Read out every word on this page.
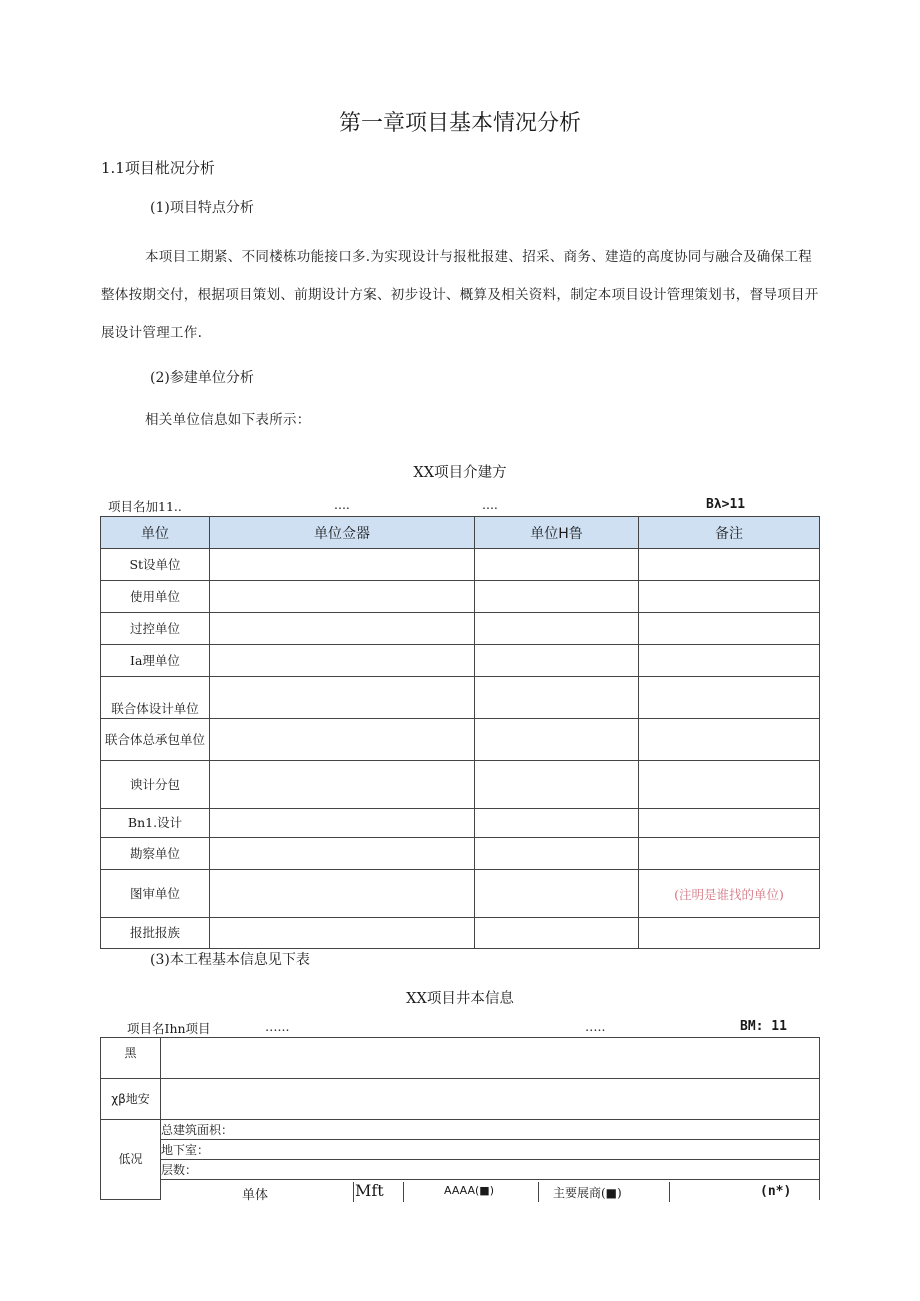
第一章项目基本情况分析
1.1项目枇况分析
(1)项目特点分析
本项目工期紧、不同楼栋功能接口多.为实现设计与报枇报建、招采、商务、建造的高度协同与融合及确保工程整体按期交付，根据项目策划、前期设计方案、初步设计、概算及相关资料，制定本项目设计管理策划书，督导项目开展设计管理工作.
(2)参建单位分析
相关单位信息如下表所示：
XX项目介建方
项目名加11..	....	....	Bλ>11
单位	单位佥器	单位H鲁	备注
St设单位			
使用单位			
过控单位			
Ia理单位			
联合体设计单位			
联合体总承包单位			
谀计分包			
Bn1.设计			
勘察单位			
图审单位			(注明是谁找的单位)
报批报族			
(3)本工程基本信息见下表
XX项目井本信息
项目名Ihn项目	…...	…..	BM: 11
黑	
χβ地安	
低况	总建筑面枳：
	地下室：
	层数：

单体	Mft	AAAA(■)	主要展商(■)	(n*)
